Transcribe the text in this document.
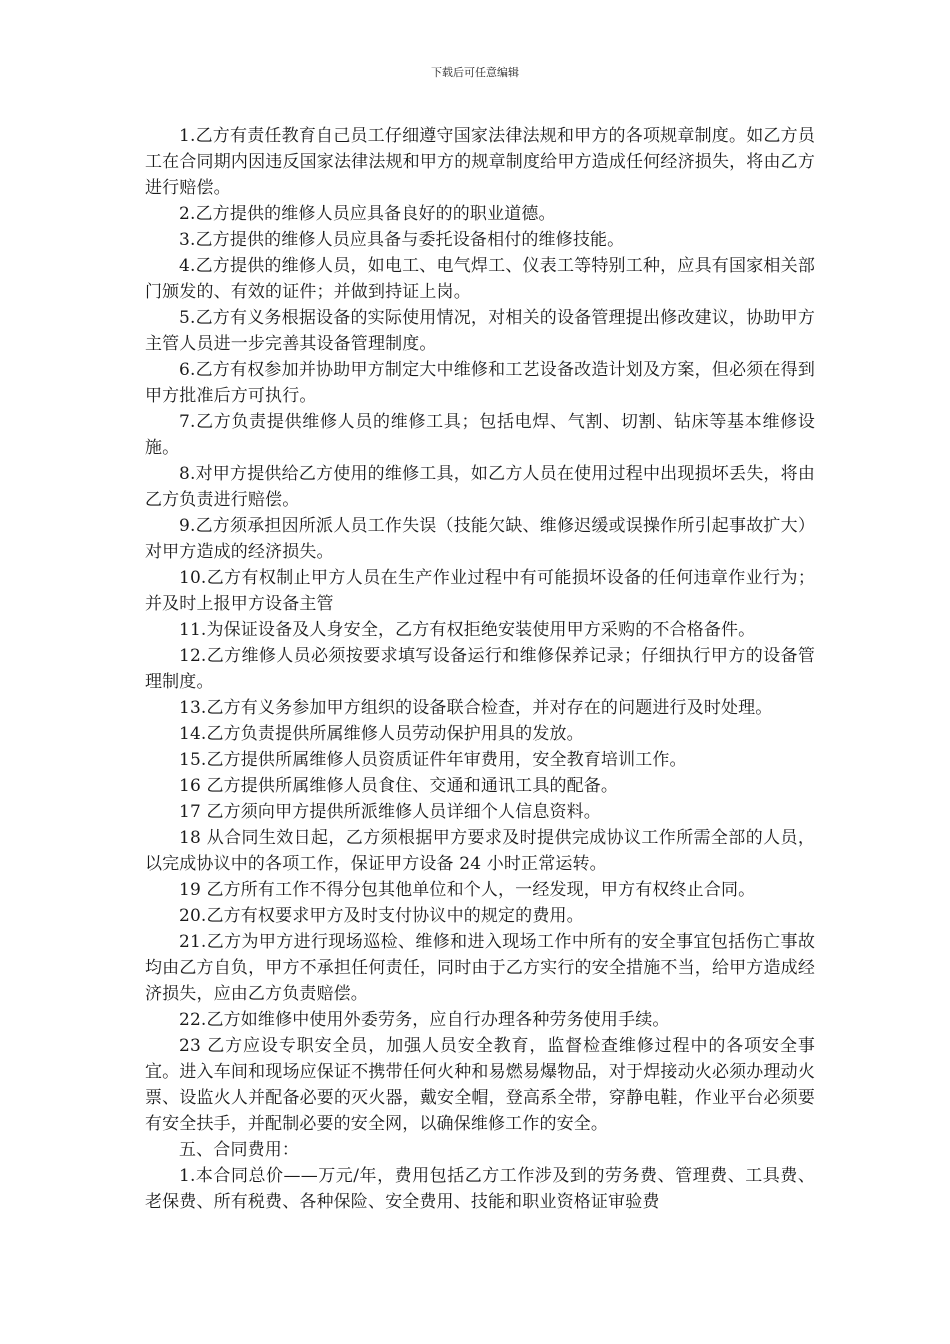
下载后可任意编辑

1.乙方有责任教育自己员工仔细遵守国家法律法规和甲方的各项规章制度。如乙方员工在合同期内因违反国家法律法规和甲方的规章制度给甲方造成任何经济损失，将由乙方进行赔偿。

2.乙方提供的维修人员应具备良好的的职业道德。

3.乙方提供的维修人员应具备与委托设备相付的维修技能。

4.乙方提供的维修人员，如电工、电气焊工、仪表工等特别工种，应具有国家相关部门颁发的、有效的证件；并做到持证上岗。

5.乙方有义务根据设备的实际使用情况，对相关的设备管理提出修改建议，协助甲方主管人员进一步完善其设备管理制度。

6.乙方有权参加并协助甲方制定大中维修和工艺设备改造计划及方案，但必须在得到甲方批准后方可执行。

7.乙方负责提供维修人员的维修工具；包括电焊、气割、切割、钻床等基本维修设施。

8.对甲方提供给乙方使用的维修工具，如乙方人员在使用过程中出现损坏丢失，将由乙方负责进行赔偿。

9.乙方须承担因所派人员工作失误（技能欠缺、维修迟缓或误操作所引起事故扩大）对甲方造成的经济损失。

10.乙方有权制止甲方人员在生产作业过程中有可能损坏设备的任何违章作业行为；并及时上报甲方设备主管

11.为保证设备及人身安全，乙方有权拒绝安装使用甲方采购的不合格备件。

12.乙方维修人员必须按要求填写设备运行和维修保养记录；仔细执行甲方的设备管理制度。

13.乙方有义务参加甲方组织的设备联合检查，并对存在的问题进行及时处理。

14.乙方负责提供所属维修人员劳动保护用具的发放。

15.乙方提供所属维修人员资质证件年审费用，安全教育培训工作。

16 乙方提供所属维修人员食住、交通和通讯工具的配备。

17 乙方须向甲方提供所派维修人员详细个人信息资料。

18 从合同生效日起，乙方须根据甲方要求及时提供完成协议工作所需全部的人员，以完成协议中的各项工作，保证甲方设备 24 小时正常运转。

19 乙方所有工作不得分包其他单位和个人，一经发现，甲方有权终止合同。

20.乙方有权要求甲方及时支付协议中的规定的费用。

21.乙方为甲方进行现场巡检、维修和进入现场工作中所有的安全事宜包括伤亡事故均由乙方自负，甲方不承担任何责任，同时由于乙方实行的安全措施不当，给甲方造成经济损失，应由乙方负责赔偿。

22.乙方如维修中使用外委劳务，应自行办理各种劳务使用手续。

23 乙方应设专职安全员，加强人员安全教育，监督检查维修过程中的各项安全事宜。进入车间和现场应保证不携带任何火种和易燃易爆物品，对于焊接动火必须办理动火票、设监火人并配备必要的灭火器，戴安全帽，登高系全带，穿静电鞋，作业平台必须要有安全扶手，并配制必要的安全网，以确保维修工作的安全。

五、合同费用：

1.本合同总价——万元/年，费用包括乙方工作涉及到的劳务费、管理费、工具费、老保费、所有税费、各种保险、安全费用、技能和职业资格证审验费
